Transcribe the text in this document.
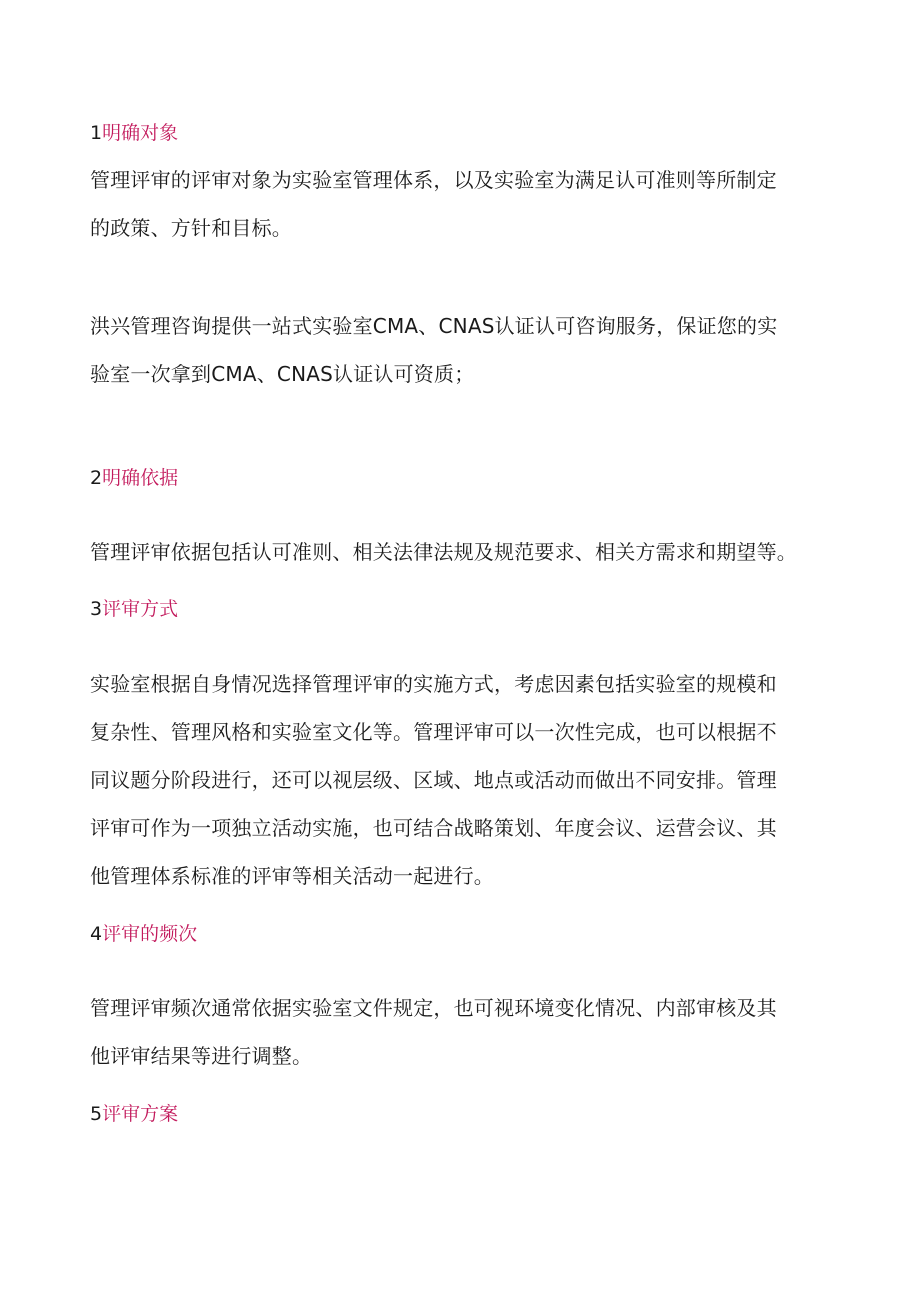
1明确对象
管理评审的评审对象为实验室管理体系，以及实验室为满足认可准则等所制定
的政策、方针和目标。
洪兴管理咨询提供一站式实验室CMA、CNAS认证认可咨询服务，保证您的实
验室一次拿到CMA、CNAS认证认可资质；
2明确依据
管理评审依据包括认可准则、相关法律法规及规范要求、相关方需求和期望等。
3评审方式
实验室根据自身情况选择管理评审的实施方式，考虑因素包括实验室的规模和
复杂性、管理风格和实验室文化等。管理评审可以一次性完成，也可以根据不
同议题分阶段进行，还可以视层级、区域、地点或活动而做出不同安排。管理
评审可作为一项独立活动实施，也可结合战略策划、年度会议、运营会议、其
他管理体系标准的评审等相关活动一起进行。
4评审的频次
管理评审频次通常依据实验室文件规定，也可视环境变化情况、内部审核及其
他评审结果等进行调整。
5评审方案
